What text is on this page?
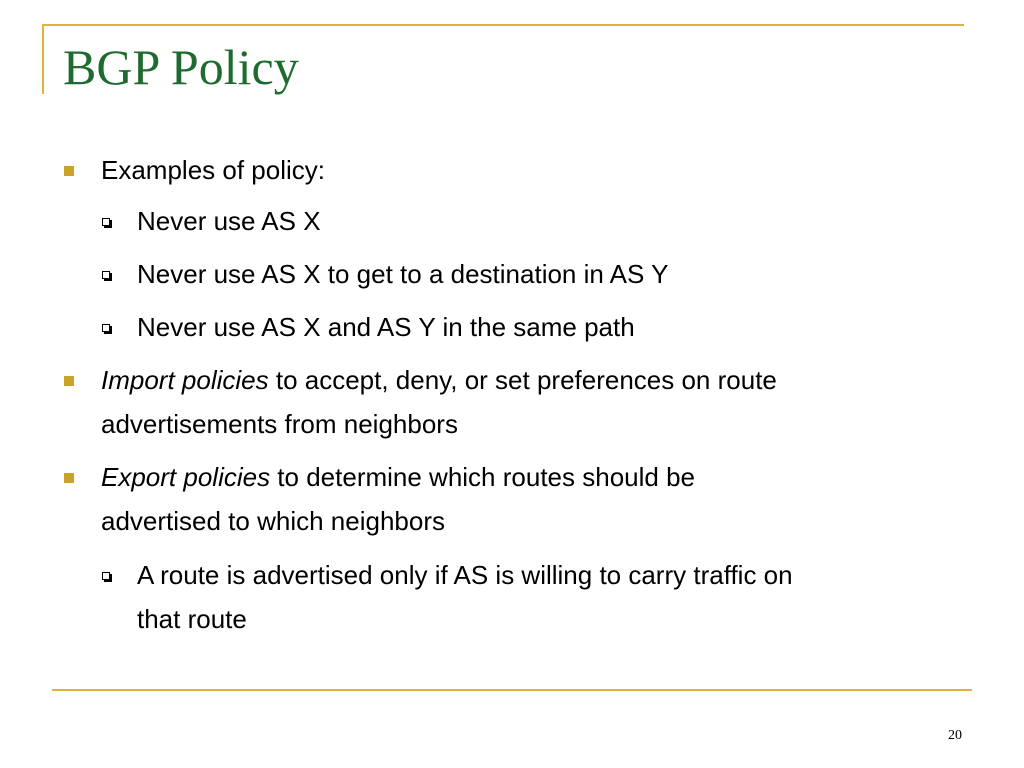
BGP Policy

Examples of policy:

Never use AS X

Never use AS X to get to a destination in AS Y

Never use AS X and AS Y in the same path

Import policies to accept, deny, or set preferences on route

advertisements from neighbors

Export policies to determine which routes should be

advertised to which neighbors

A route is advertised only if AS is willing to carry traffic on

that route

20
